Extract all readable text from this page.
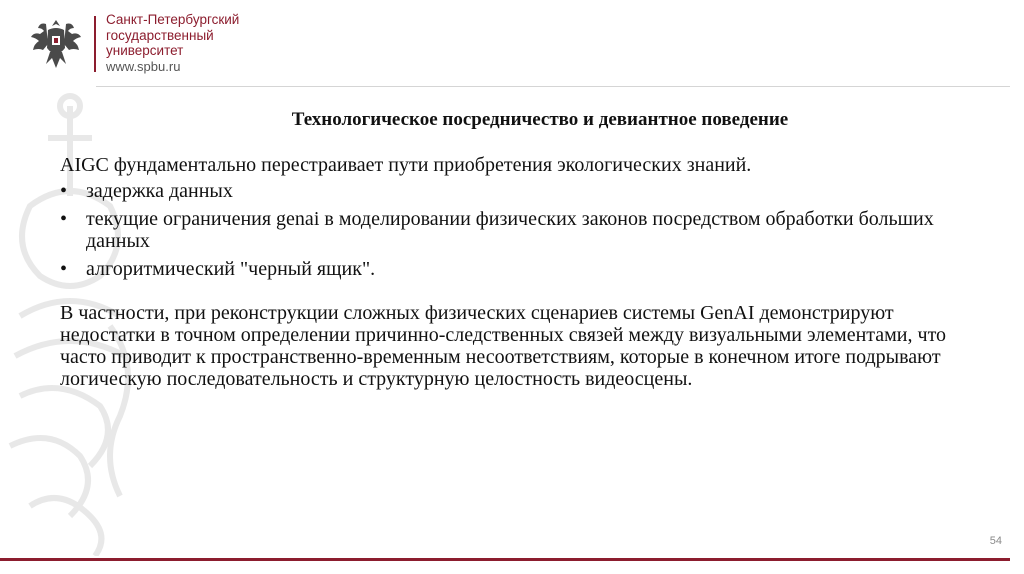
Санкт-Петербургский
государственный
университет
www.spbu.ru
Технологическое посредничество и девиантное поведение

AIGC фундаментально перестраивает пути приобретения экологических знаний.

• задержка данных
• текущие ограничения genai в моделировании физических законов посредством обработки больших данных
• алгоритмический "черный ящик".

В частности, при реконструкции сложных физических сценариев системы GenAI демонстрируют недостатки в точном определении причинно-следственных связей между визуальными элементами, что часто приводит к пространственно-временным несоответствиям, которые в конечном итоге подрывают логическую последовательность и структурную целостность видеосцены.

54
